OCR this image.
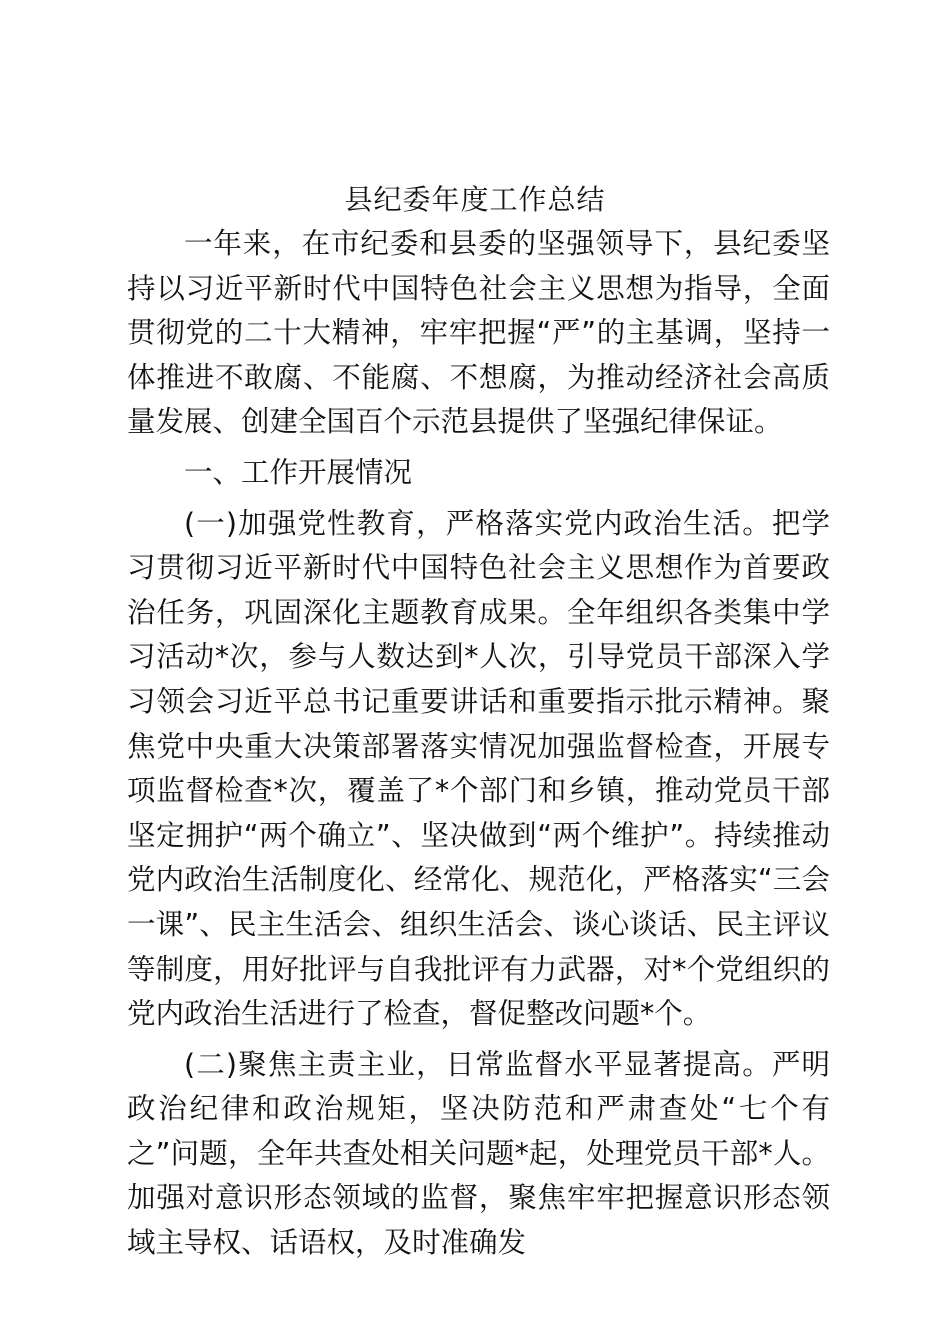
县纪委年度工作总结

一年来，在市纪委和县委的坚强领导下，县纪委坚持以习近平新时代中国特色社会主义思想为指导，全面贯彻党的二十大精神，牢牢把握“严”的主基调，坚持一体推进不敢腐、不能腐、不想腐，为推动经济社会高质量发展、创建全国百个示范县提供了坚强纪律保证。

一、工作开展情况

(一)加强党性教育，严格落实党内政治生活。把学习贯彻习近平新时代中国特色社会主义思想作为首要政治任务，巩固深化主题教育成果。全年组织各类集中学习活动*次，参与人数达到*人次，引导党员干部深入学习领会习近平总书记重要讲话和重要指示批示精神。聚焦党中央重大决策部署落实情况加强监督检查，开展专项监督检查*次，覆盖了*个部门和乡镇，推动党员干部坚定拥护“两个确立”、坚决做到“两个维护”。持续推动党内政治生活制度化、经常化、规范化，严格落实“三会一课”、民主生活会、组织生活会、谈心谈话、民主评议等制度，用好批评与自我批评有力武器，对*个党组织的党内政治生活进行了检查，督促整改问题*个。

(二)聚焦主责主业，日常监督水平显著提高。严明政治纪律和政治规矩，坚决防范和严肃查处“七个有之”问题，全年共查处相关问题*起，处理党员干部*人。加强对意识形态领域的监督，聚焦牢牢把握意识形态领域主导权、话语权，及时准确发
